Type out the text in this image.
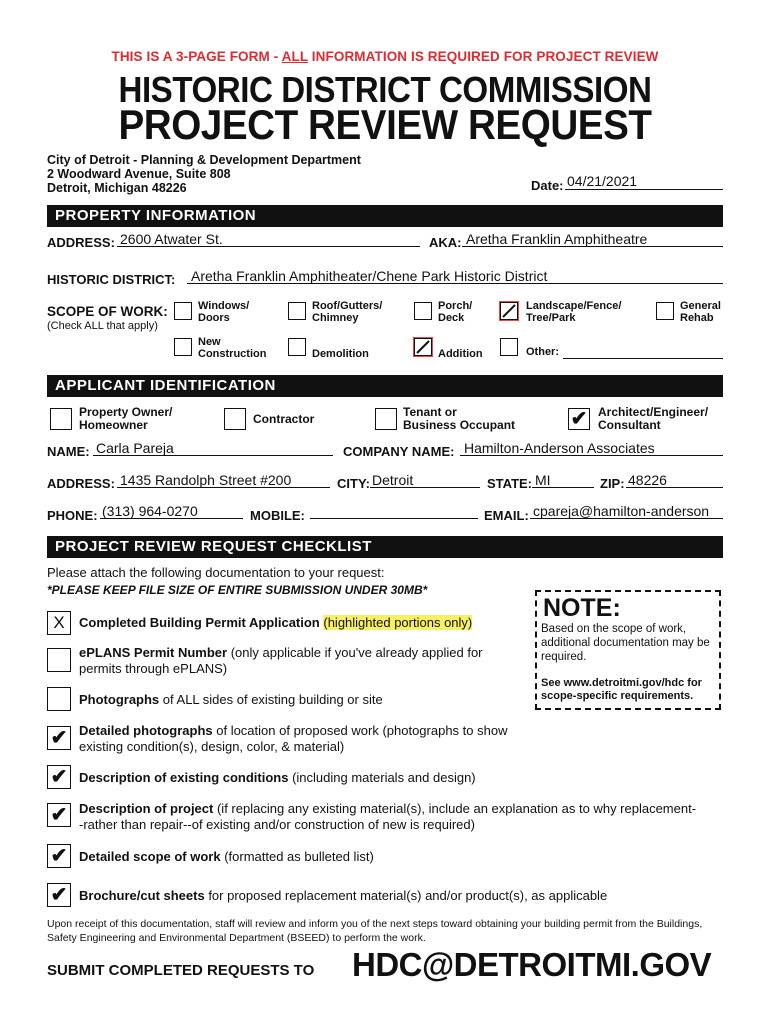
THIS IS A 3-PAGE FORM - ALL INFORMATION IS REQUIRED FOR PROJECT REVIEW
HISTORIC DISTRICT COMMISSION
PROJECT REVIEW REQUEST
City of Detroit - Planning & Development Department
2 Woodward Avenue, Suite 808
Detroit, Michigan 48226	Date: 04/21/2021
PROPERTY INFORMATION
ADDRESS: 2600 Atwater St.	AKA: Aretha Franklin Amphitheatre
HISTORIC DISTRICT: Aretha Franklin Amphitheater/Chene Park Historic District
SCOPE OF WORK:
(Check ALL that apply)
Windows/
Doors
Roof/Gutters/
Chimney
Porch/
Deck
Landscape/Fence/
Tree/Park
General
Rehab
New
Construction	Demolition	Addition	Other:
APPLICANT IDENTIFICATION
Property Owner/
Homeowner	Contractor	Tenant or
Business Occupant	✔ Architect/Engineer/
Consultant
NAME: Carla Pareja	COMPANY NAME: Hamilton-Anderson Associates
ADDRESS: 1435 Randolph Street #200	CITY: Detroit	STATE: MI	ZIP: 48226
PHONE: (313) 964-0270	MOBILE:	EMAIL: cpareja@hamilton-anderson
PROJECT REVIEW REQUEST CHECKLIST
Please attach the following documentation to your request:
*PLEASE KEEP FILE SIZE OF ENTIRE SUBMISSION UNDER 30MB*
X	Completed Building Permit Application (highlighted portions only)
ePLANS Permit Number (only applicable if you've already applied for permits through ePLANS)
Photographs of ALL sides of existing building or site
✔ Detailed photographs of location of proposed work (photographs to show existing condition(s), design, color, & material)
✔ Description of existing conditions (including materials and design)
✔ Description of project (if replacing any existing material(s), include an explanation as to why replacement--rather than repair--of existing and/or construction of new is required)
✔ Detailed scope of work (formatted as bulleted list)
✔ Brochure/cut sheets for proposed replacement material(s) and/or product(s), as applicable
NOTE:
Based on the scope of work, additional documentation may be required.
See www.detroitmi.gov/hdc for scope-specific requirements.
Upon receipt of this documentation, staff will review and inform you of the next steps toward obtaining your building permit from the Buildings, Safety Engineering and Environmental Department (BSEED) to perform the work.
SUBMIT COMPLETED REQUESTS TO HDC@DETROITMI.GOV
